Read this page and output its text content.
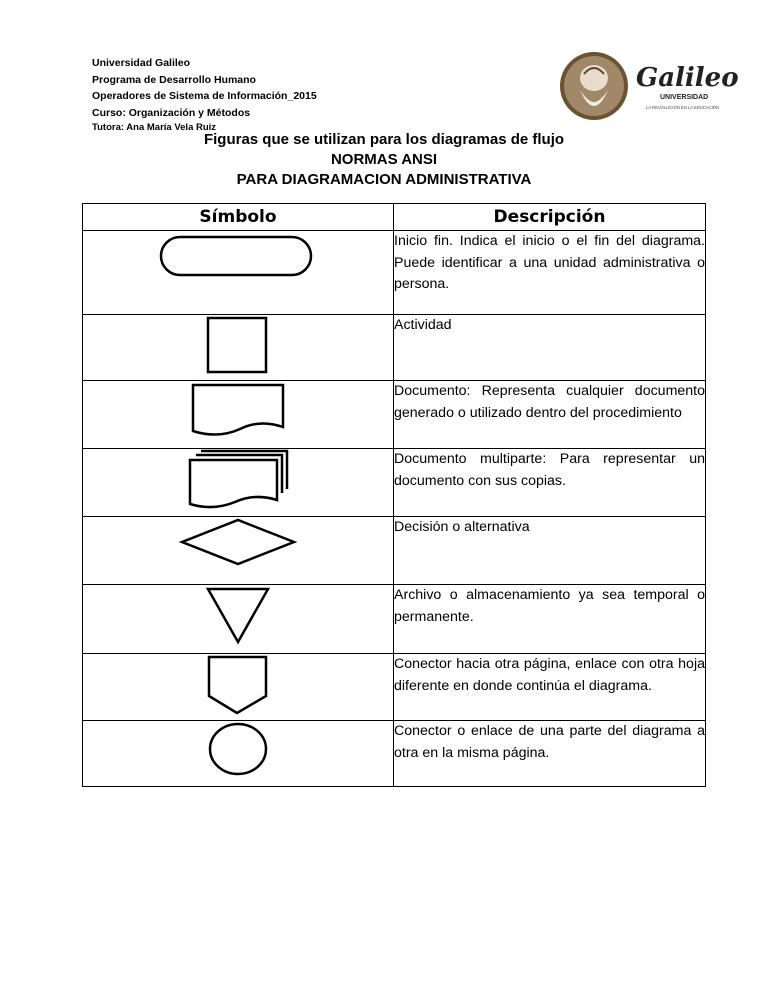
Universidad Galileo
Programa de Desarrollo Humano
Operadores de Sistema de Información_2015
Curso: Organización y Métodos
Tutora: Ana María Vela Ruiz
Galileo
UNIVERSIDAD
LA REVOLUCIÓN EN LA EDUCACIÓN
Figuras que se utilizan para los diagramas de flujo
NORMAS ANSI
PARA DIAGRAMACION ADMINISTRATIVA
Símbolo	Descripción

	Inicio fin. Indica el inicio o el fin del diagrama. Puede identificar a una unidad administrativa o persona.

	Actividad

	Documento: Representa cualquier documento generado o utilizado dentro del procedimiento

	Documento multiparte: Para representar un documento con sus copias.

	Decisión o alternativa

	Archivo o almacenamiento ya sea temporal o permanente.

	Conector hacia otra página, enlace con otra hoja diferente en donde continúa el diagrama.

	Conector o enlace de una parte del diagrama a otra en la misma página.
